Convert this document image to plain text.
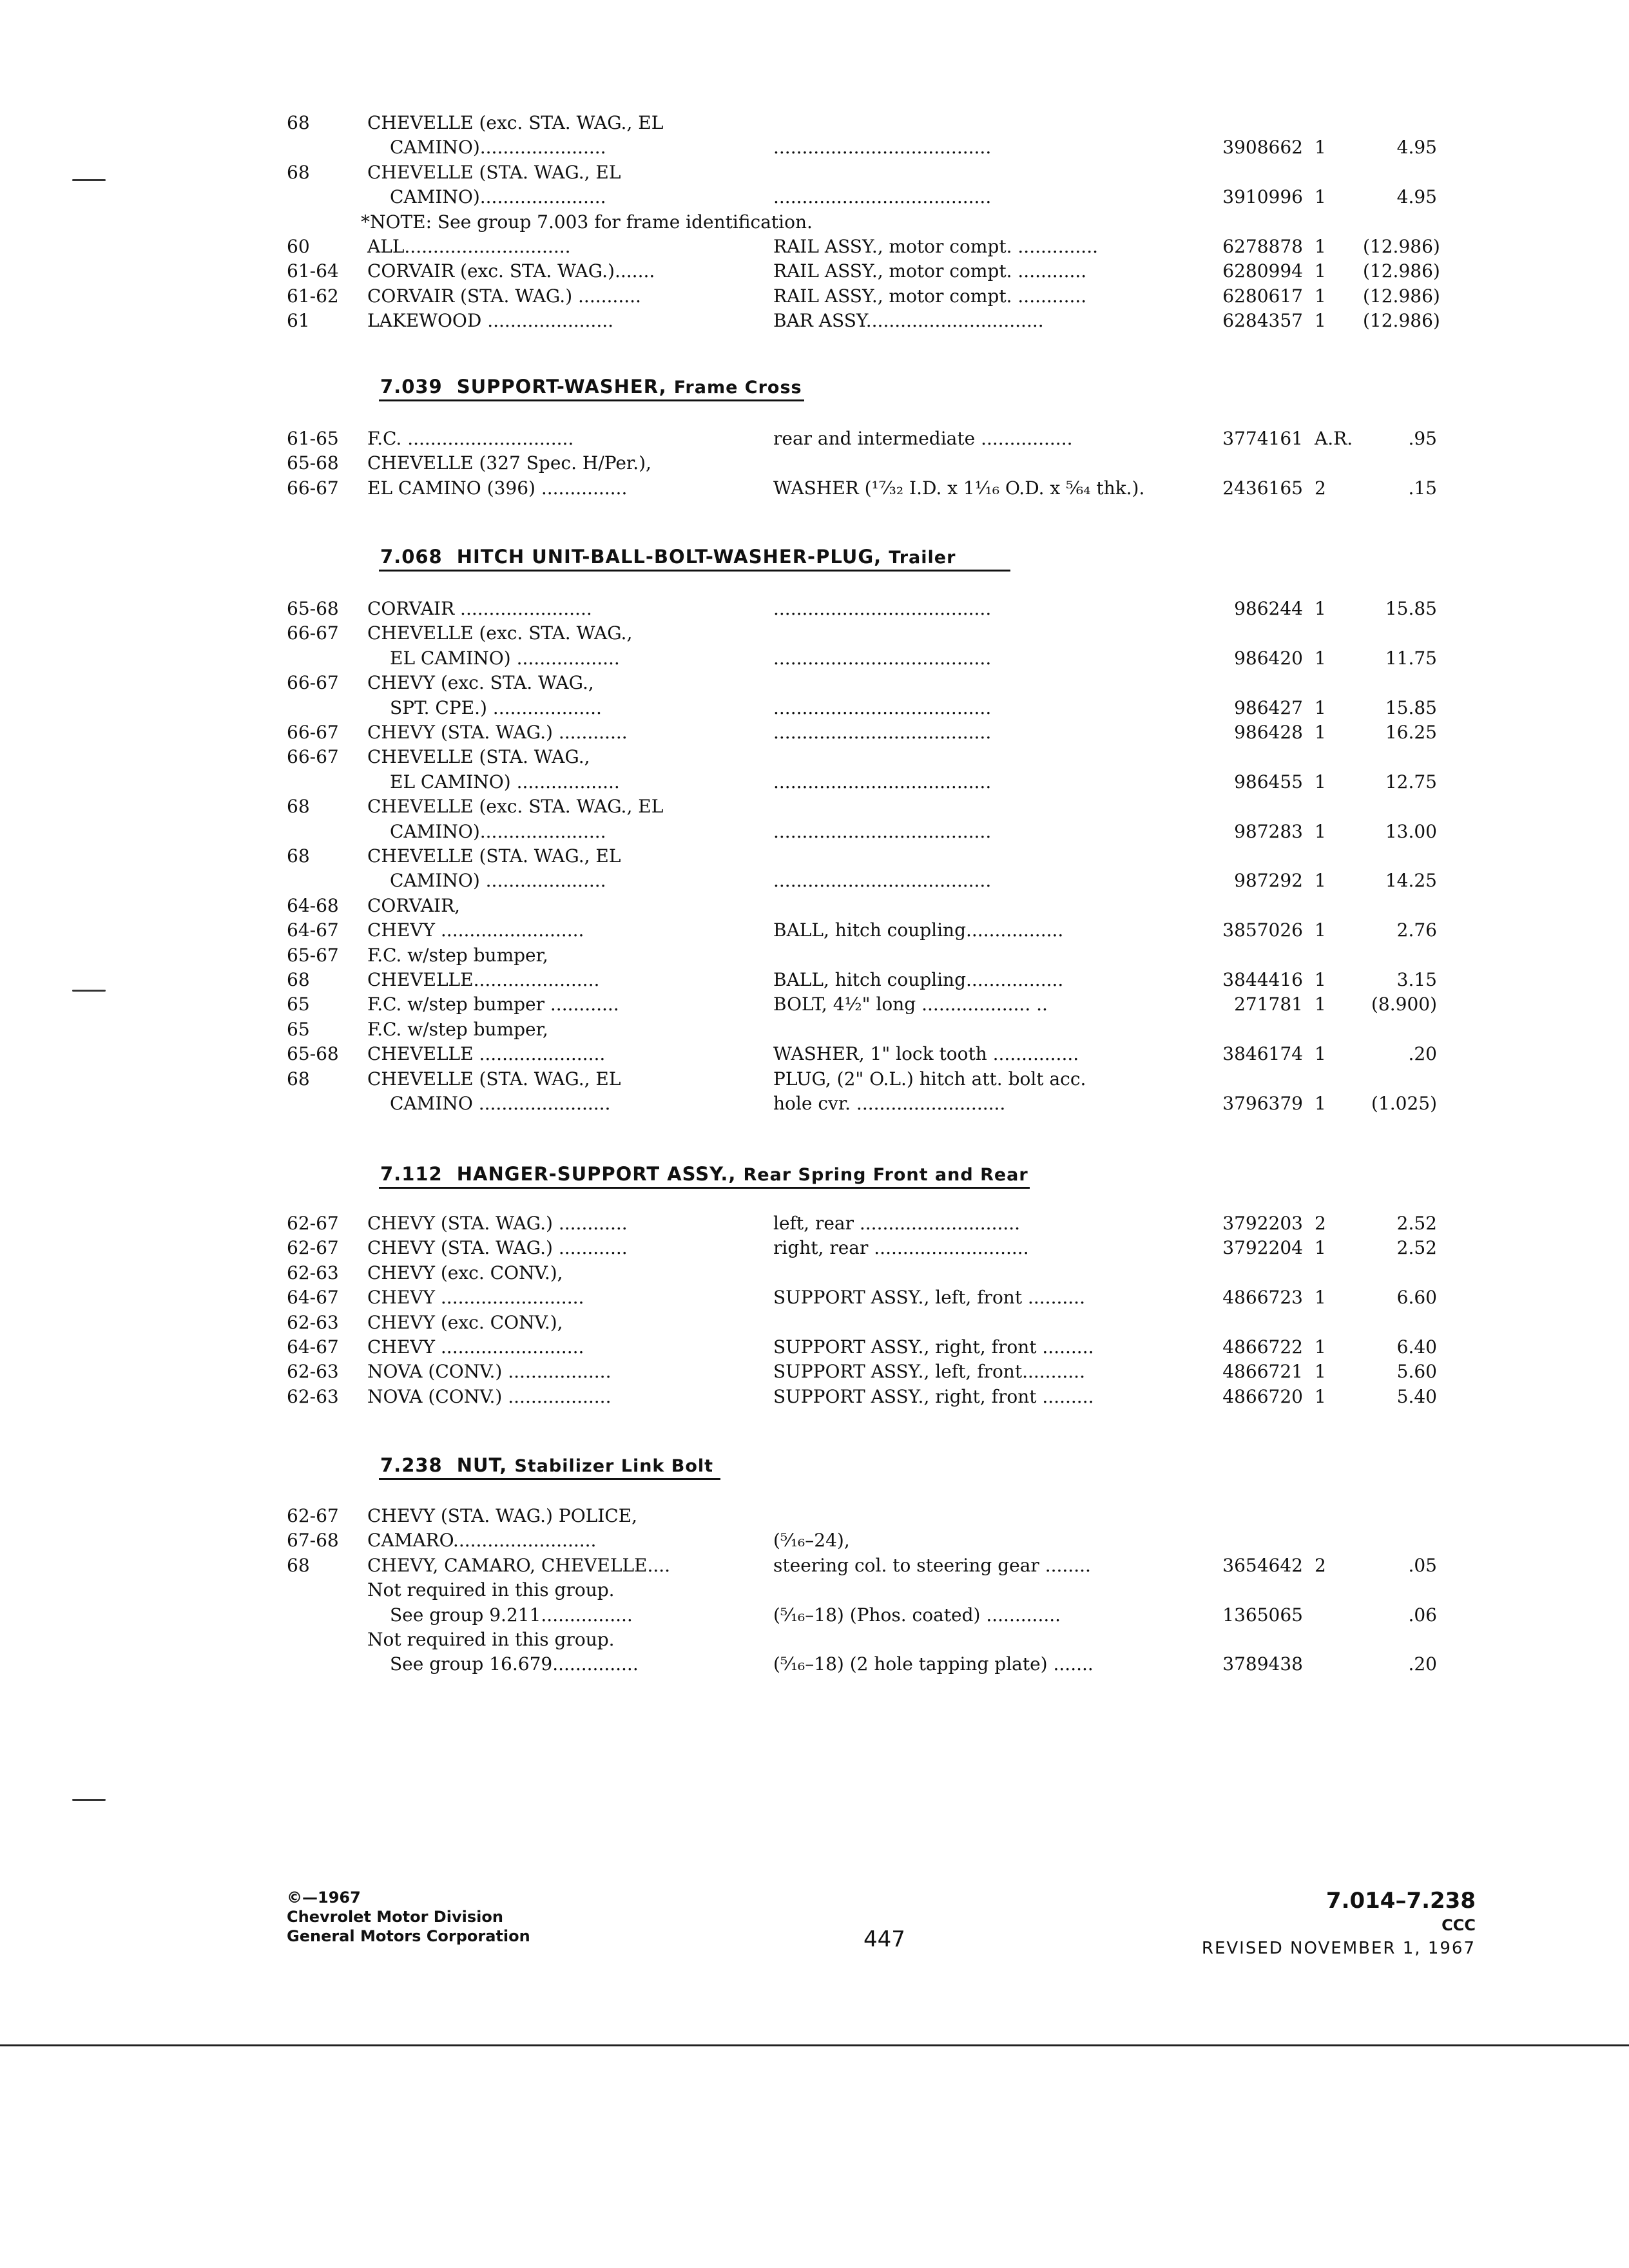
68	CHEVELLE (exc. STA. WAG., EL
CAMINO)......................	......................................	3908662 1	4.95
68	CHEVELLE (STA. WAG., EL
CAMINO)......................	......................................	3910996 1	4.95
*NOTE: See group 7.003 for frame identification.
60	ALL.............................	RAIL ASSY., motor compt. ..............	6278878 1	(12.986)
61-64	CORVAIR (exc. STA. WAG.).......	RAIL ASSY., motor compt. ............	6280994 1	(12.986)
61-62	CORVAIR (STA. WAG.) ...........	RAIL ASSY., motor compt. ............	6280617 1	(12.986)
61	LAKEWOOD ......................	BAR ASSY...............................	6284357 1	(12.986)
7.039 SUPPORT-WASHER, Frame Cross
61-65	F.C. .............................	rear and intermediate ................	3774161 A.R.	.95
65-68	CHEVELLE (327 Spec. H/Per.),
66-67	EL CAMINO (396) ...............	WASHER (¹⁷⁄₃₂ I.D. x 1¹⁄₁₆ O.D. x ⁵⁄₆₄ thk.).	2436165 2	.15
7.068 HITCH UNIT-BALL-BOLT-WASHER-PLUG, Trailer
65-68	CORVAIR .......................	......................................	986244 1	15.85
66-67	CHEVELLE (exc. STA. WAG.,
EL CAMINO) ..................	......................................	986420 1	11.75
66-67	CHEVY (exc. STA. WAG.,
SPT. CPE.) ...................	......................................	986427 1	15.85
66-67	CHEVY (STA. WAG.) ............	......................................	986428 1	16.25
66-67	CHEVELLE (STA. WAG.,
EL CAMINO) ..................	......................................	986455 1	12.75
68	CHEVELLE (exc. STA. WAG., EL
CAMINO)......................	......................................	987283 1	13.00
68	CHEVELLE (STA. WAG., EL
CAMINO) .....................	......................................	987292 1	14.25
64-68	CORVAIR,
64-67	CHEVY .........................	BALL, hitch coupling.................	3857026 1	2.76
65-67	F.C. w/step bumper,
68	CHEVELLE......................	BALL, hitch coupling.................	3844416 1	3.15
65	F.C. w/step bumper ............	BOLT, 4½" long ................... ..	271781 1	(8.900)
65	F.C. w/step bumper,
65-68	CHEVELLE ......................	WASHER, 1" lock tooth ...............	3846174 1	.20
68	CHEVELLE (STA. WAG., EL	PLUG, (2" O.L.) hitch att. bolt acc.
CAMINO .......................	hole cvr. ..........................	3796379 1	(1.025)
7.112 HANGER-SUPPORT ASSY., Rear Spring Front and Rear
62-67	CHEVY (STA. WAG.) ............	left, rear ............................	3792203 2	2.52
62-67	CHEVY (STA. WAG.) ............	right, rear ...........................	3792204 1	2.52
62-63	CHEVY (exc. CONV.),
64-67	CHEVY .........................	SUPPORT ASSY., left, front ..........	4866723 1	6.60
62-63	CHEVY (exc. CONV.),
64-67	CHEVY .........................	SUPPORT ASSY., right, front .........	4866722 1	6.40
62-63	NOVA (CONV.) ..................	SUPPORT ASSY., left, front...........	4866721 1	5.60
62-63	NOVA (CONV.) ..................	SUPPORT ASSY., right, front .........	4866720 1	5.40
7.238 NUT, Stabilizer Link Bolt
62-67	CHEVY (STA. WAG.) POLICE,
67-68	CAMARO.........................	(⁵⁄₁₆–24),
68	CHEVY, CAMARO, CHEVELLE....	steering col. to steering gear ........	3654642 2	.05
Not required in this group.
See group 9.211................	(⁵⁄₁₆–18) (Phos. coated) .............	1365065	.06
Not required in this group.
See group 16.679...............	(⁵⁄₁₆–18) (2 hole tapping plate) .......	3789438	.20
©—1967
Chevrolet Motor Division
General Motors Corporation	447
7.014–7.238
CCC
REVISED NOVEMBER 1, 1967
